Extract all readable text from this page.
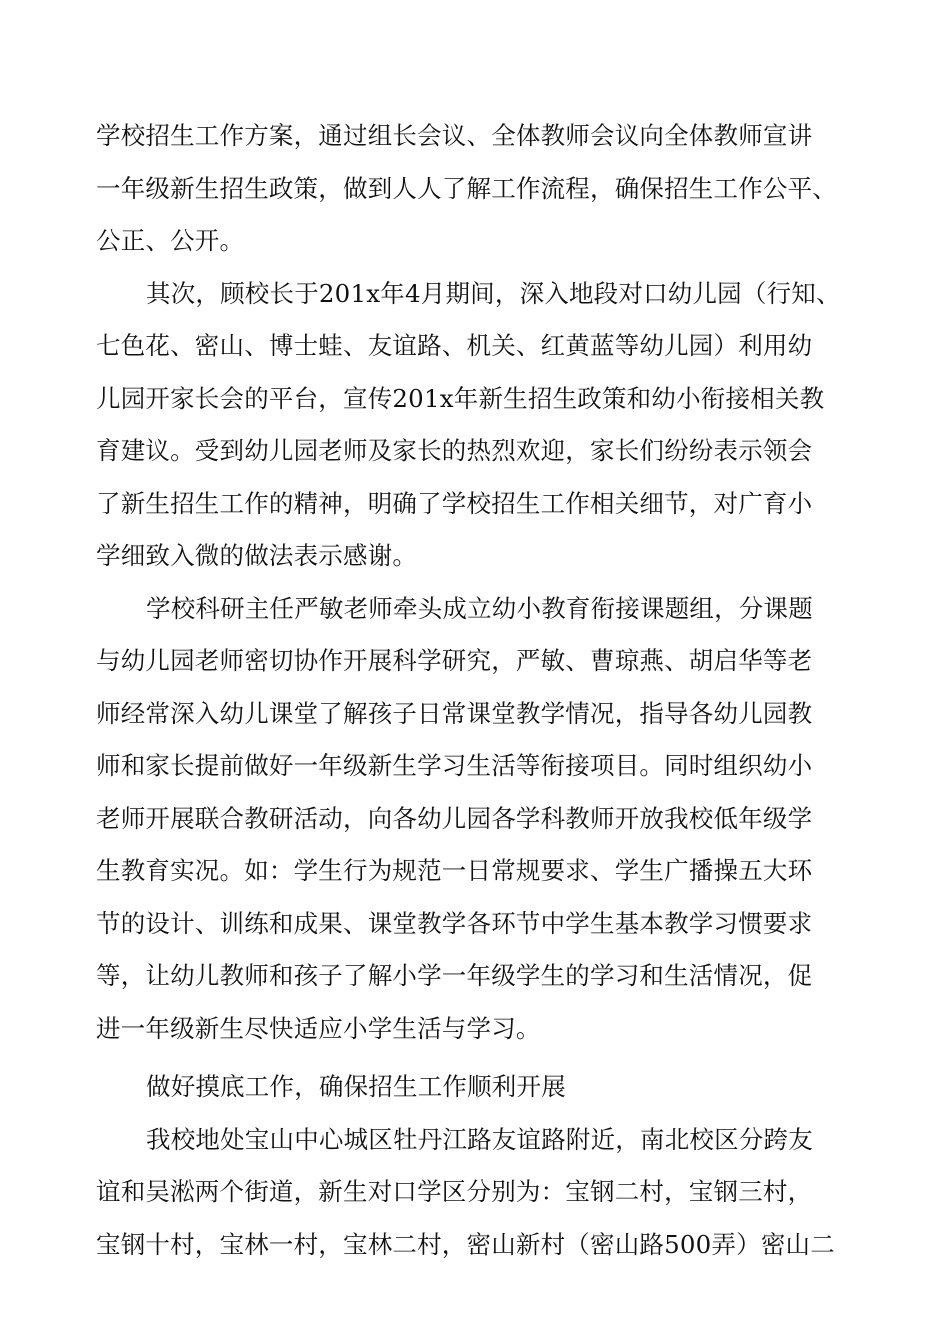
学校招生工作方案，通过组长会议、全体教师会议向全体教师宣讲
一年级新生招生政策，做到人人了解工作流程，确保招生工作公平、
公正、公开。
其次，顾校长于201x年4月期间，深入地段对口幼儿园（行知、
七色花、密山、博士蛙、友谊路、机关、红黄蓝等幼儿园）利用幼
儿园开家长会的平台，宣传201x年新生招生政策和幼小衔接相关教
育建议。受到幼儿园老师及家长的热烈欢迎，家长们纷纷表示领会
了新生招生工作的精神，明确了学校招生工作相关细节，对广育小
学细致入微的做法表示感谢。
学校科研主任严敏老师牵头成立幼小教育衔接课题组，分课题
与幼儿园老师密切协作开展科学研究，严敏、曹琼燕、胡启华等老
师经常深入幼儿课堂了解孩子日常课堂教学情况，指导各幼儿园教
师和家长提前做好一年级新生学习生活等衔接项目。同时组织幼小
老师开展联合教研活动，向各幼儿园各学科教师开放我校低年级学
生教育实况。如：学生行为规范一日常规要求、学生广播操五大环
节的设计、训练和成果、课堂教学各环节中学生基本教学习惯要求
等，让幼儿教师和孩子了解小学一年级学生的学习和生活情况，促
进一年级新生尽快适应小学生活与学习。
做好摸底工作，确保招生工作顺利开展
我校地处宝山中心城区牡丹江路友谊路附近，南北校区分跨友
谊和吴淞两个街道，新生对口学区分别为：宝钢二村，宝钢三村，
宝钢十村，宝林一村，宝林二村，密山新村（密山路500弄）密山二
